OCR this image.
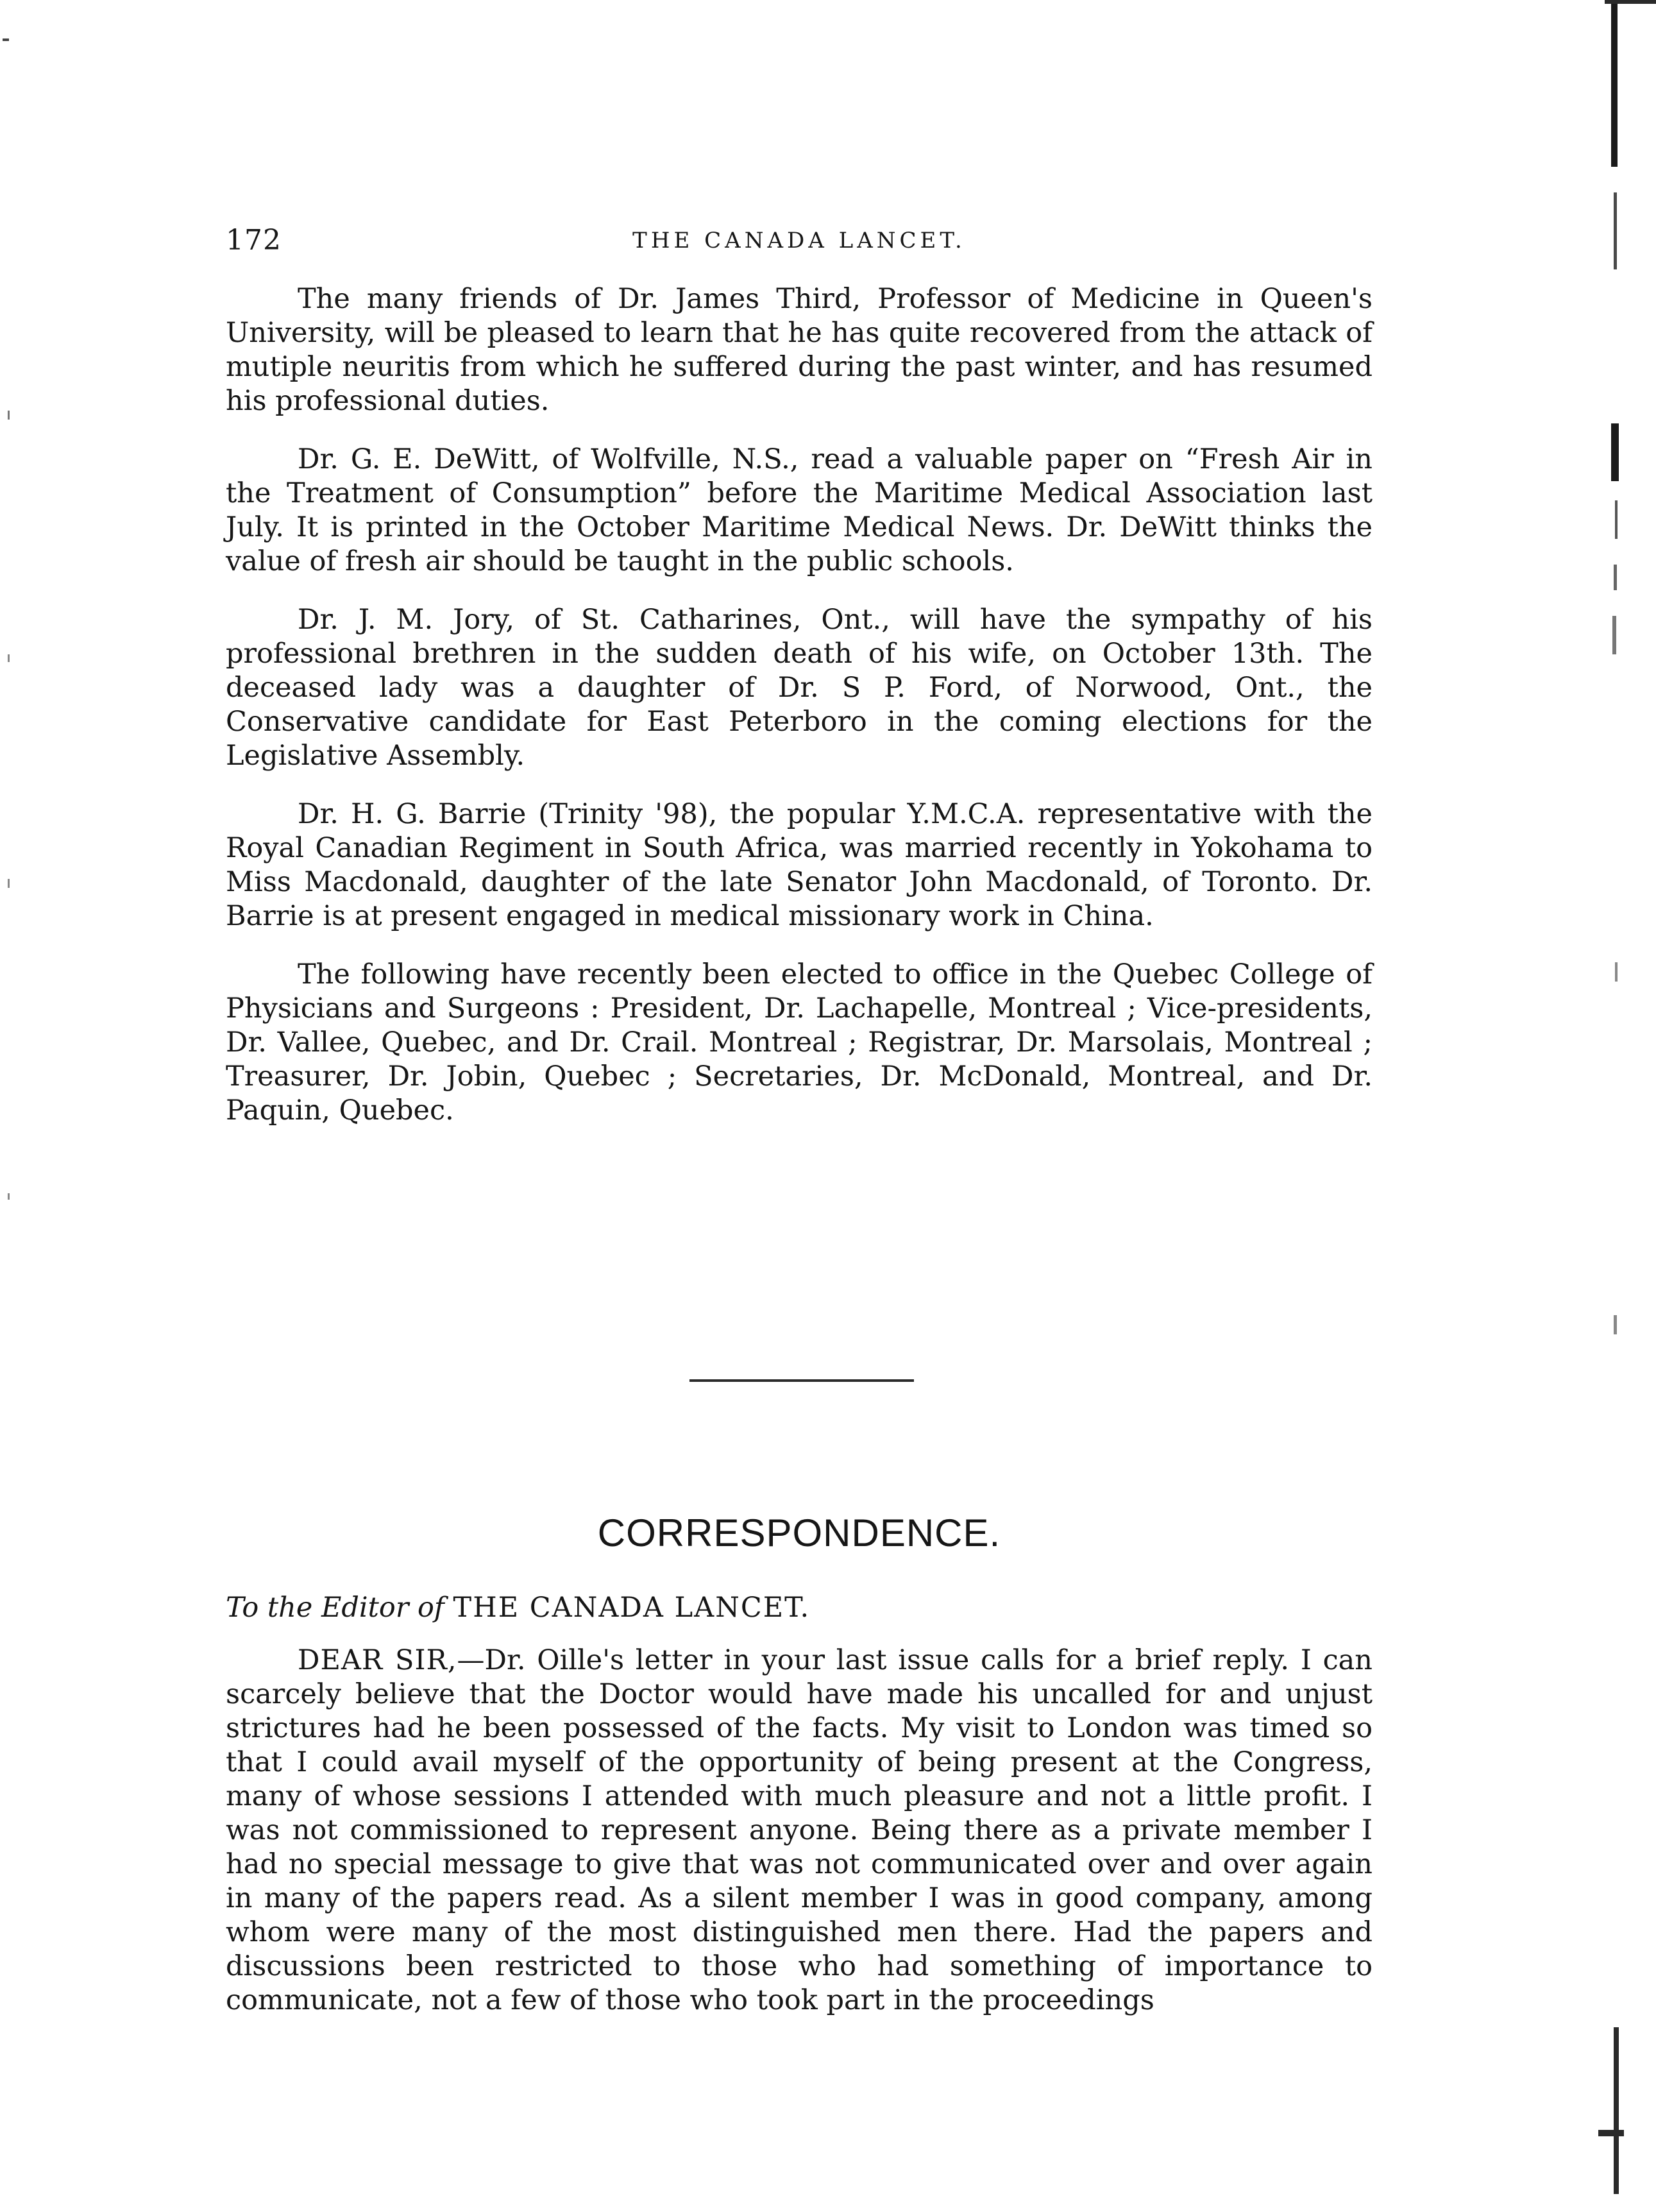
172	THE CANADA LANCET.

The many friends of Dr. James Third, Professor of Medicine in Queen's University, will be pleased to learn that he has quite recovered from the attack of mutiple neuritis from which he suffered during the past winter, and has resumed his professional duties.

Dr. G. E. DeWitt, of Wolfville, N.S., read a valuable paper on “Fresh Air in the Treatment of Consumption” before the Maritime Medical Association last July. It is printed in the October Maritime Medical News. Dr. DeWitt thinks the value of fresh air should be taught in the public schools.

Dr. J. M. Jory, of St. Catharines, Ont., will have the sympathy of his professional brethren in the sudden death of his wife, on October 13th. The deceased lady was a daughter of Dr. S P. Ford, of Norwood, Ont., the Conservative candidate for East Peterboro in the coming elections for the Legislative Assembly.

Dr. H. G. Barrie (Trinity '98), the popular Y.M.C.A. representative with the Royal Canadian Regiment in South Africa, was married recently in Yokohama to Miss Macdonald, daughter of the late Senator John Macdonald, of Toronto. Dr. Barrie is at present engaged in medical missionary work in China.

The following have recently been elected to office in the Quebec College of Physicians and Surgeons : President, Dr. Lachapelle, Montreal ; Vice-presidents, Dr. Vallee, Quebec, and Dr. Crail. Montreal ; Registrar, Dr. Marsolais, Montreal ; Treasurer, Dr. Jobin, Quebec ; Secretaries, Dr. McDonald, Montreal, and Dr. Paquin, Quebec.

CORRESPONDENCE.
To the Editor of THE CANADA LANCET.

DEAR SIR,—Dr. Oille's letter in your last issue calls for a brief reply. I can scarcely believe that the Doctor would have made his uncalled for and unjust strictures had he been possessed of the facts. My visit to London was timed so that I could avail myself of the opportunity of being present at the Congress, many of whose sessions I attended with much pleasure and not a little profit. I was not commissioned to represent anyone. Being there as a private member I had no special message to give that was not communicated over and over again in many of the papers read. As a silent member I was in good company, among whom were many of the most distinguished men there. Had the papers and discussions been restricted to those who had something of importance to communicate, not a few of those who took part in the proceedings
